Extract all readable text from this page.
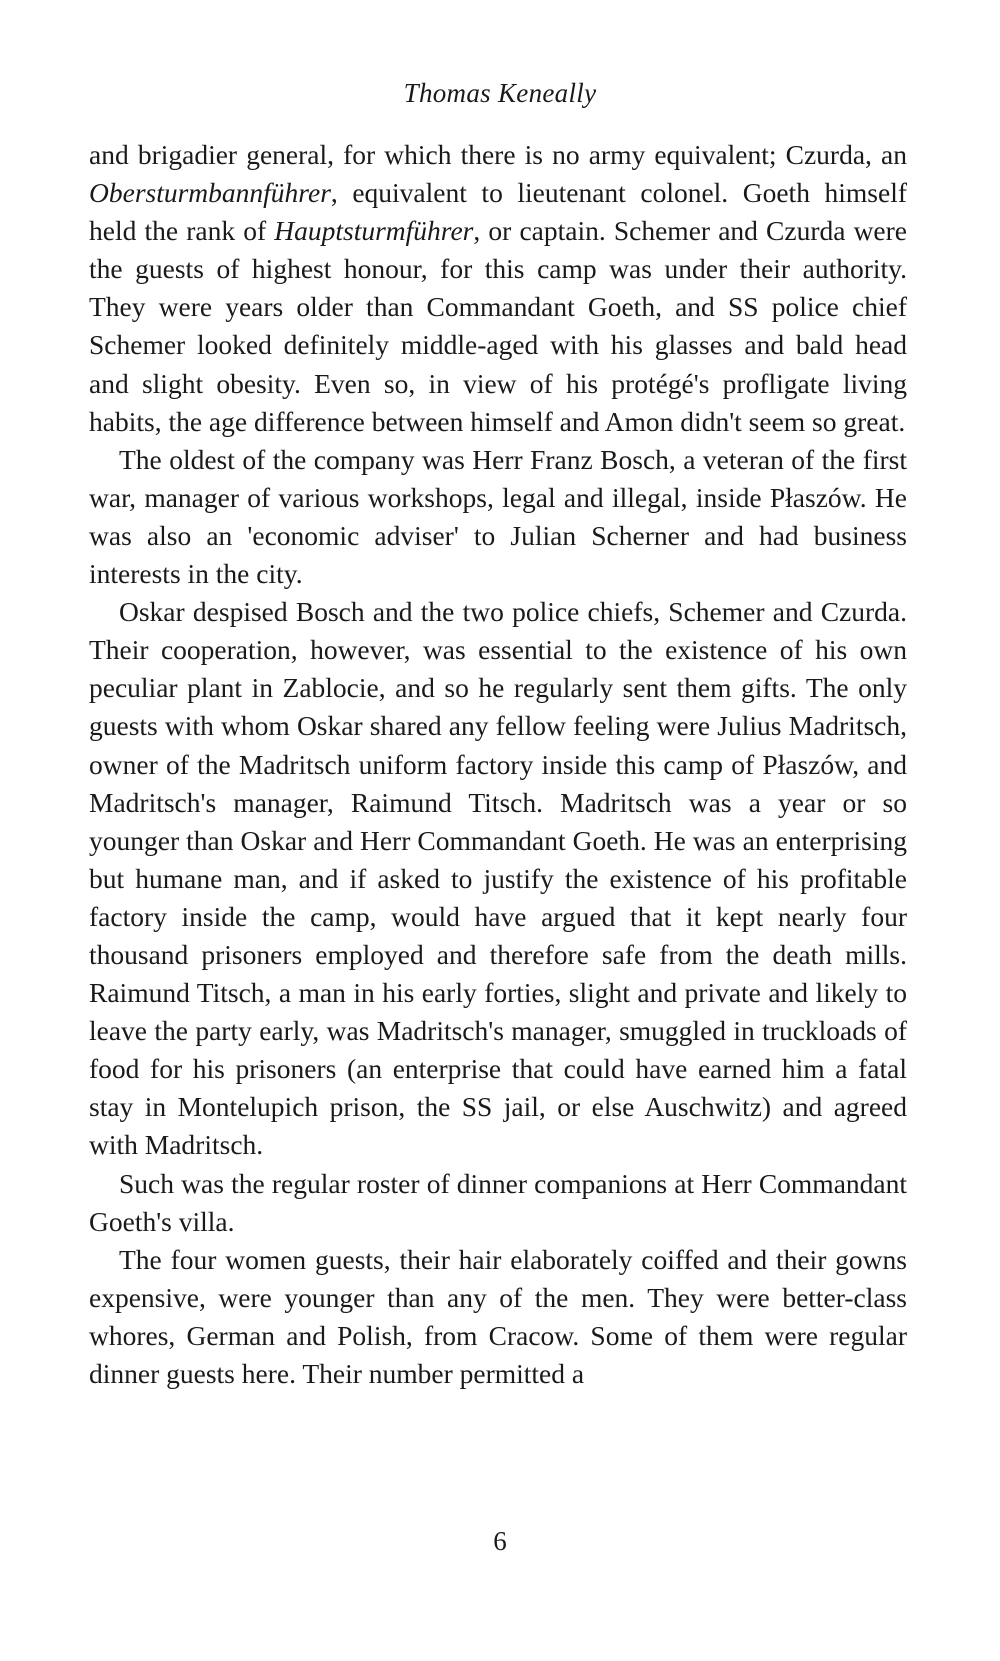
Thomas Keneally

and brigadier general, for which there is no army equivalent; Czurda, an Obersturmbannführer, equivalent to lieutenant colonel. Goeth himself held the rank of Hauptsturmführer, or captain. Schemer and Czurda were the guests of highest honour, for this camp was under their authority. They were years older than Commandant Goeth, and SS police chief Schemer looked definitely middle-aged with his glasses and bald head and slight obesity. Even so, in view of his protégé's profligate living habits, the age difference between himself and Amon didn't seem so great.

The oldest of the company was Herr Franz Bosch, a veteran of the first war, manager of various workshops, legal and illegal, inside Płaszów. He was also an 'economic adviser' to Julian Scherner and had business interests in the city.

Oskar despised Bosch and the two police chiefs, Schemer and Czurda. Their cooperation, however, was essential to the existence of his own peculiar plant in Zablocie, and so he regularly sent them gifts. The only guests with whom Oskar shared any fellow feeling were Julius Madritsch, owner of the Madritsch uniform factory inside this camp of Płaszów, and Madritsch's manager, Raimund Titsch. Madritsch was a year or so younger than Oskar and Herr Commandant Goeth. He was an enterprising but humane man, and if asked to justify the existence of his profitable factory inside the camp, would have argued that it kept nearly four thousand prisoners employed and therefore safe from the death mills. Raimund Titsch, a man in his early forties, slight and private and likely to leave the party early, was Madritsch's manager, smuggled in truckloads of food for his prisoners (an enterprise that could have earned him a fatal stay in Montelupich prison, the SS jail, or else Auschwitz) and agreed with Madritsch.

Such was the regular roster of dinner companions at Herr Commandant Goeth's villa.

The four women guests, their hair elaborately coiffed and their gowns expensive, were younger than any of the men. They were better-class whores, German and Polish, from Cracow. Some of them were regular dinner guests here. Their number permitted a

6
